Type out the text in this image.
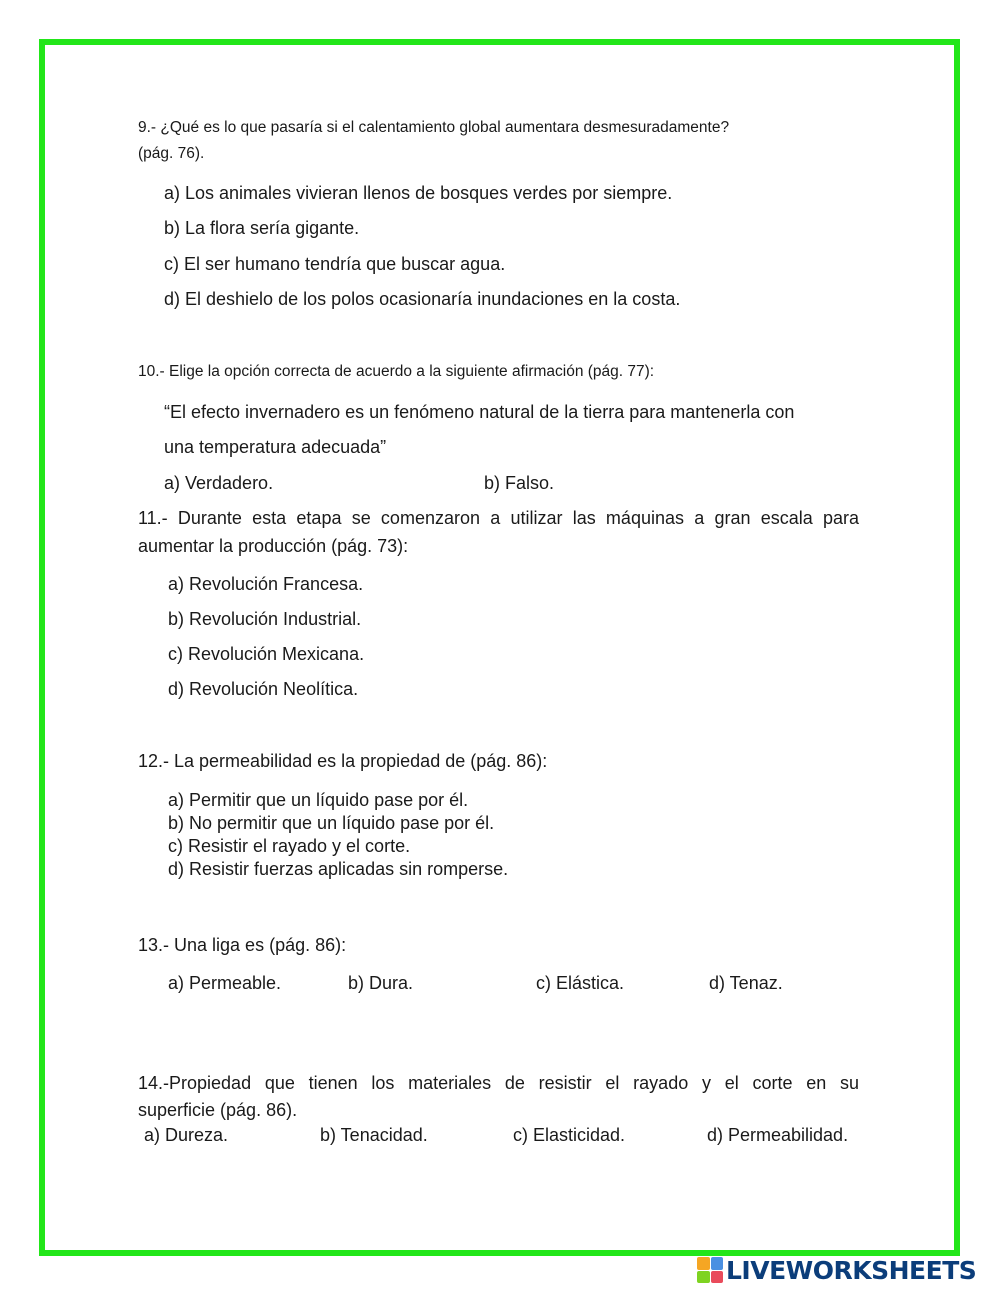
9.- ¿Qué es lo que pasaría si el calentamiento global aumentara desmesuradamente?
(pág. 76).
a) Los animales vivieran llenos de bosques verdes por siempre.
b) La flora sería gigante.
c) El ser humano tendría que buscar agua.
d) El deshielo de los polos ocasionaría inundaciones en la costa.
10.- Elige la opción correcta de acuerdo a la siguiente afirmación (pág. 77):
“El efecto invernadero es un fenómeno natural de la tierra para mantenerla con
una temperatura adecuada”
a) Verdadero.	b) Falso.
11.- Durante esta etapa se comenzaron a utilizar las máquinas a gran escala para
aumentar la producción (pág. 73):
a) Revolución Francesa.
b) Revolución Industrial.
c) Revolución Mexicana.
d) Revolución Neolítica.
12.- La permeabilidad es la propiedad de (pág. 86):
a) Permitir que un líquido pase por él.
b) No permitir que un líquido pase por él.
c) Resistir el rayado y el corte.
d) Resistir fuerzas aplicadas sin romperse.
13.- Una liga es (pág. 86):
a) Permeable.	b) Dura.	c) Elástica.	d) Tenaz.
14.-Propiedad que tienen los materiales de resistir el rayado y el corte en su
superficie (pág. 86).
a) Dureza.	b) Tenacidad.	c) Elasticidad.	d) Permeabilidad.
LIVEWORKSHEETS
